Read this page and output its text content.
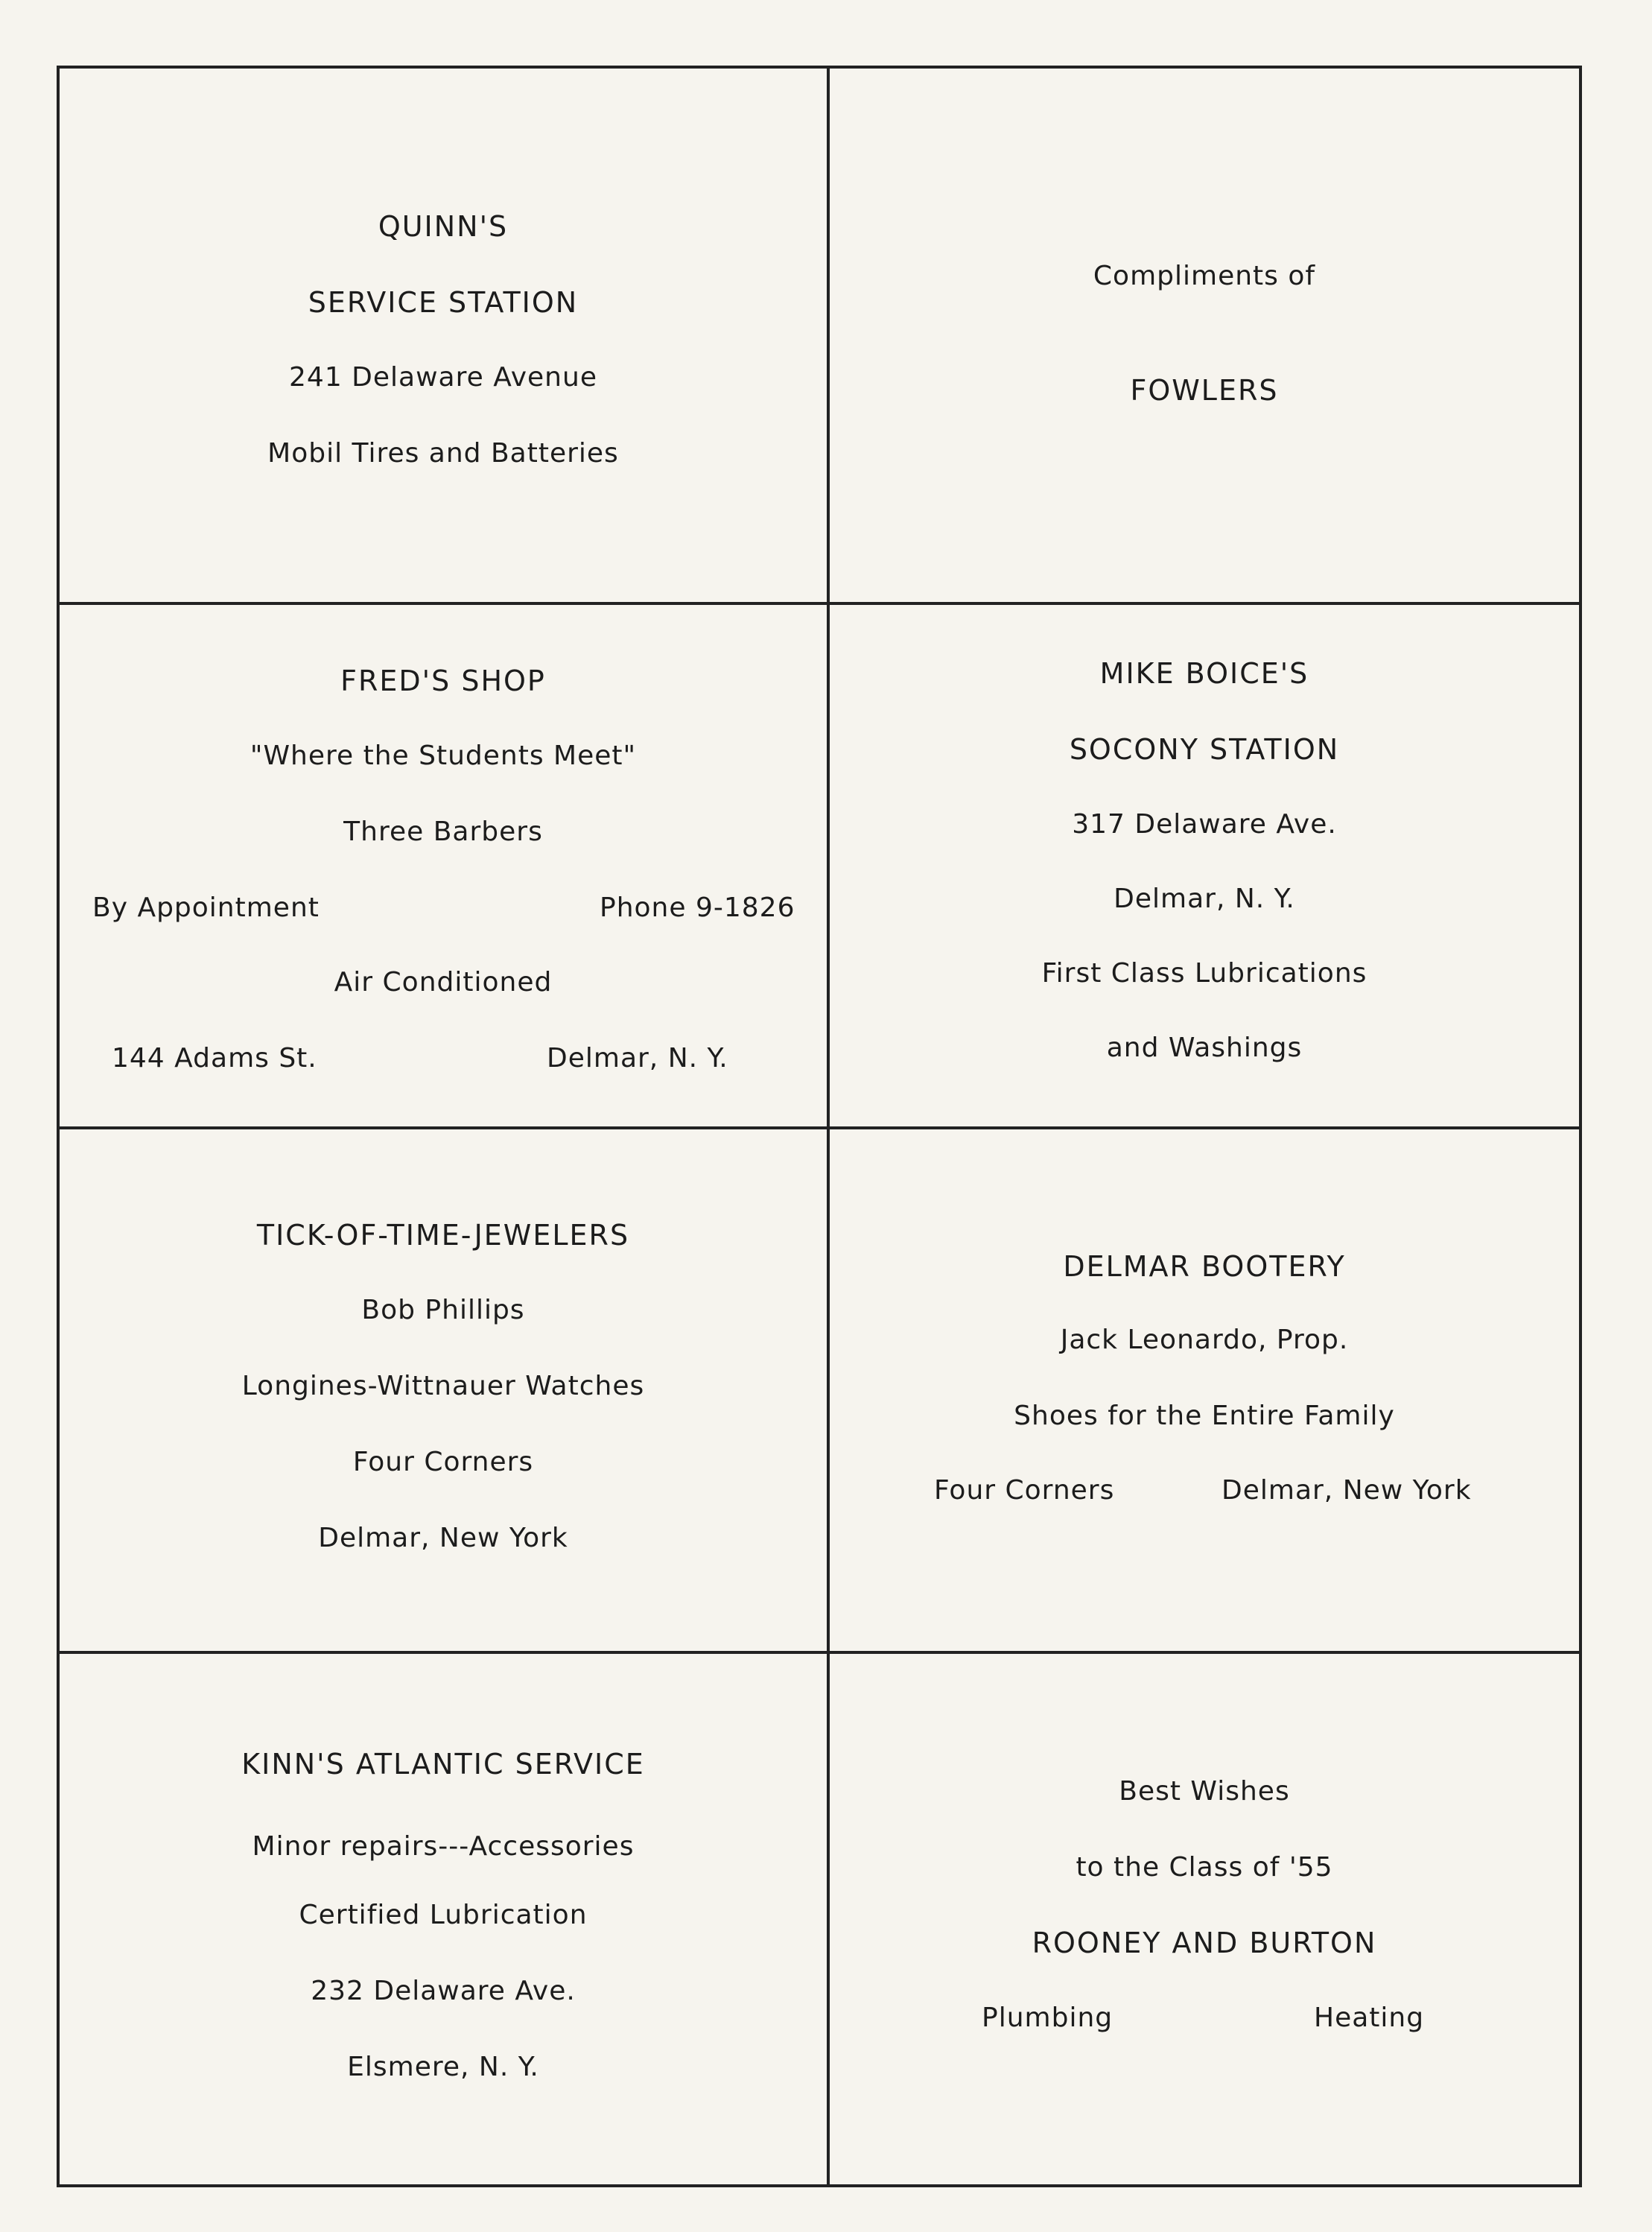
QUINN'S
SERVICE STATION
241 Delaware Avenue
Mobil Tires and Batteries
Compliments of
FOWLERS
FRED'S SHOP
"Where the Students Meet"
Three Barbers
By Appointment	Phone 9-1826
Air Conditioned
144 Adams St.	Delmar, N. Y.
MIKE BOICE'S
SOCONY STATION
317 Delaware Ave.
Delmar, N. Y.
First Class Lubrications
and Washings
TICK-OF-TIME-JEWELERS
Bob Phillips
Longines-Wittnauer Watches
Four Corners
Delmar, New York
DELMAR BOOTERY
Jack Leonardo, Prop.
Shoes for the Entire Family
Four Corners	Delmar, New York
KINN'S ATLANTIC SERVICE
Minor repairs---Accessories
Certified Lubrication
232 Delaware Ave.
Elsmere, N. Y.
Best Wishes
to the Class of '55
ROONEY AND BURTON
Plumbing	Heating
